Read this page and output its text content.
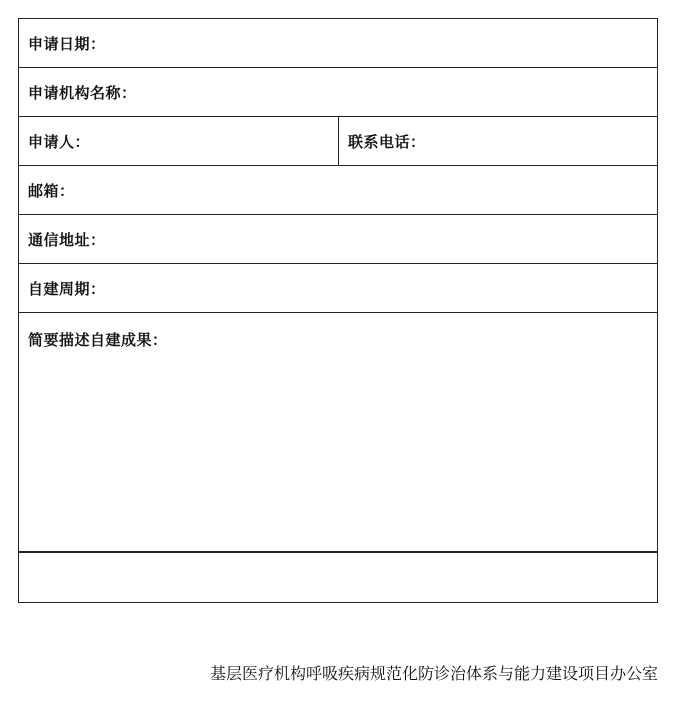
申请日期：
申请机构名称：
申请人：	联系电话：
邮箱：
通信地址：
自建周期：
简要描述自建成果：
基层医疗机构呼吸疾病规范化防诊治体系与能力建设项目办公室
